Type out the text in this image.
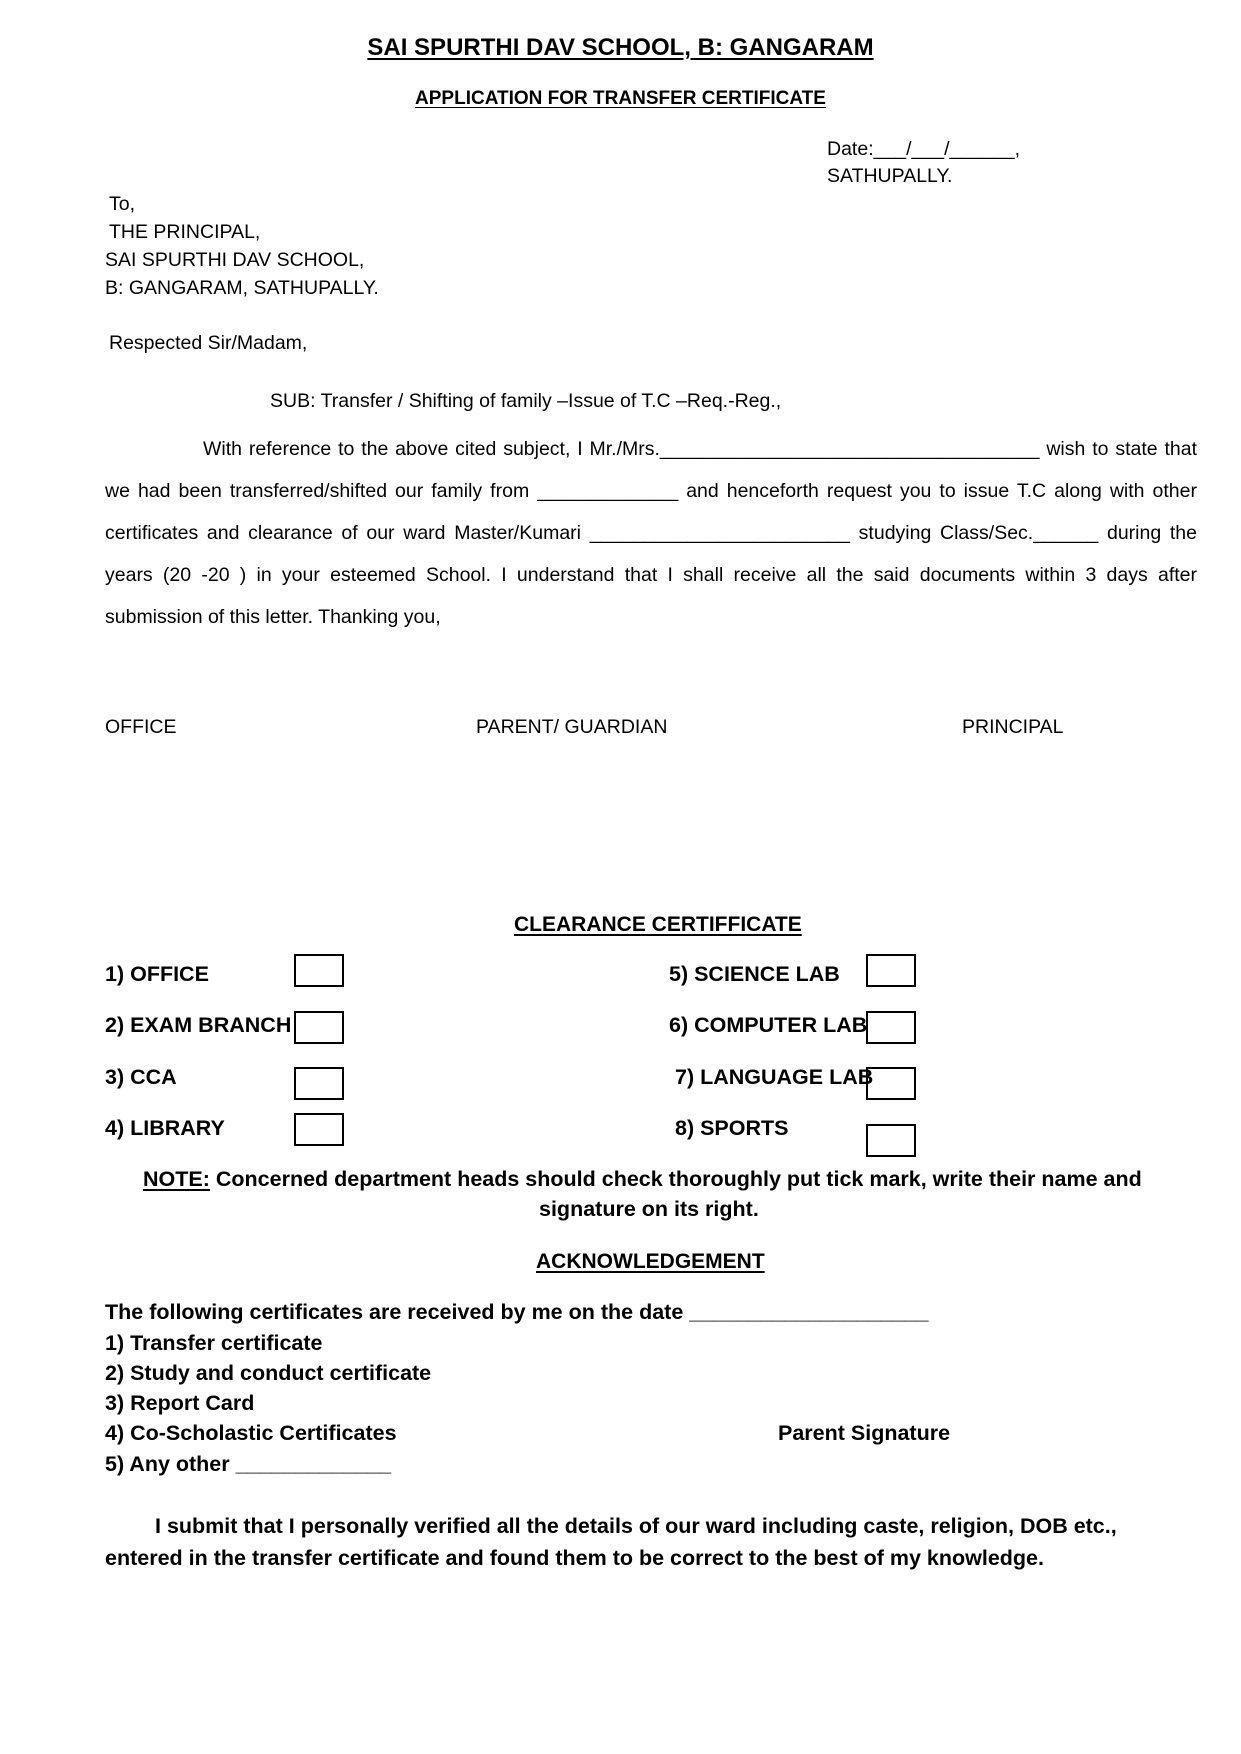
SAI SPURTHI DAV SCHOOL, B: GANGARAM
APPLICATION FOR TRANSFER CERTIFICATE
Date:___/___/______,
SATHUPALLY.
To,
THE PRINCIPAL,
SAI SPURTHI DAV SCHOOL,
B: GANGARAM, SATHUPALLY.
Respected Sir/Madam,
SUB: Transfer / Shifting of family –Issue of T.C –Req.-Reg.,
With reference to the above cited subject, I Mr./Mrs.___________________________________ wish to state that we had been transferred/shifted our family from _____________ and henceforth request you to issue T.C along with other certificates and clearance of our ward Master/Kumari ________________________ studying Class/Sec.______ during the years (20 -20 ) in your esteemed School. I understand that I shall receive all the said documents within 3 days after submission of this letter. Thanking you,
OFFICE	PARENT/ GUARDIAN	PRINCIPAL
CLEARANCE CERTIFFICATE
1) OFFICE
2) EXAM BRANCH
3) CCA
4) LIBRARY
5) SCIENCE LAB
6) COMPUTER LAB
7) LANGUAGE LAB
8) SPORTS
NOTE: Concerned department heads should check thoroughly put tick mark, write their name and
signature on its right.
ACKNOWLEDGEMENT
The following certificates are received by me on the date ____________________
1) Transfer certificate
2) Study and conduct certificate
3) Report Card
4) Co-Scholastic Certificates
5) Any other _____________
Parent Signature
I submit that I personally verified all the details of our ward including caste, religion, DOB etc.,
entered in the transfer certificate and found them to be correct to the best of my knowledge.
